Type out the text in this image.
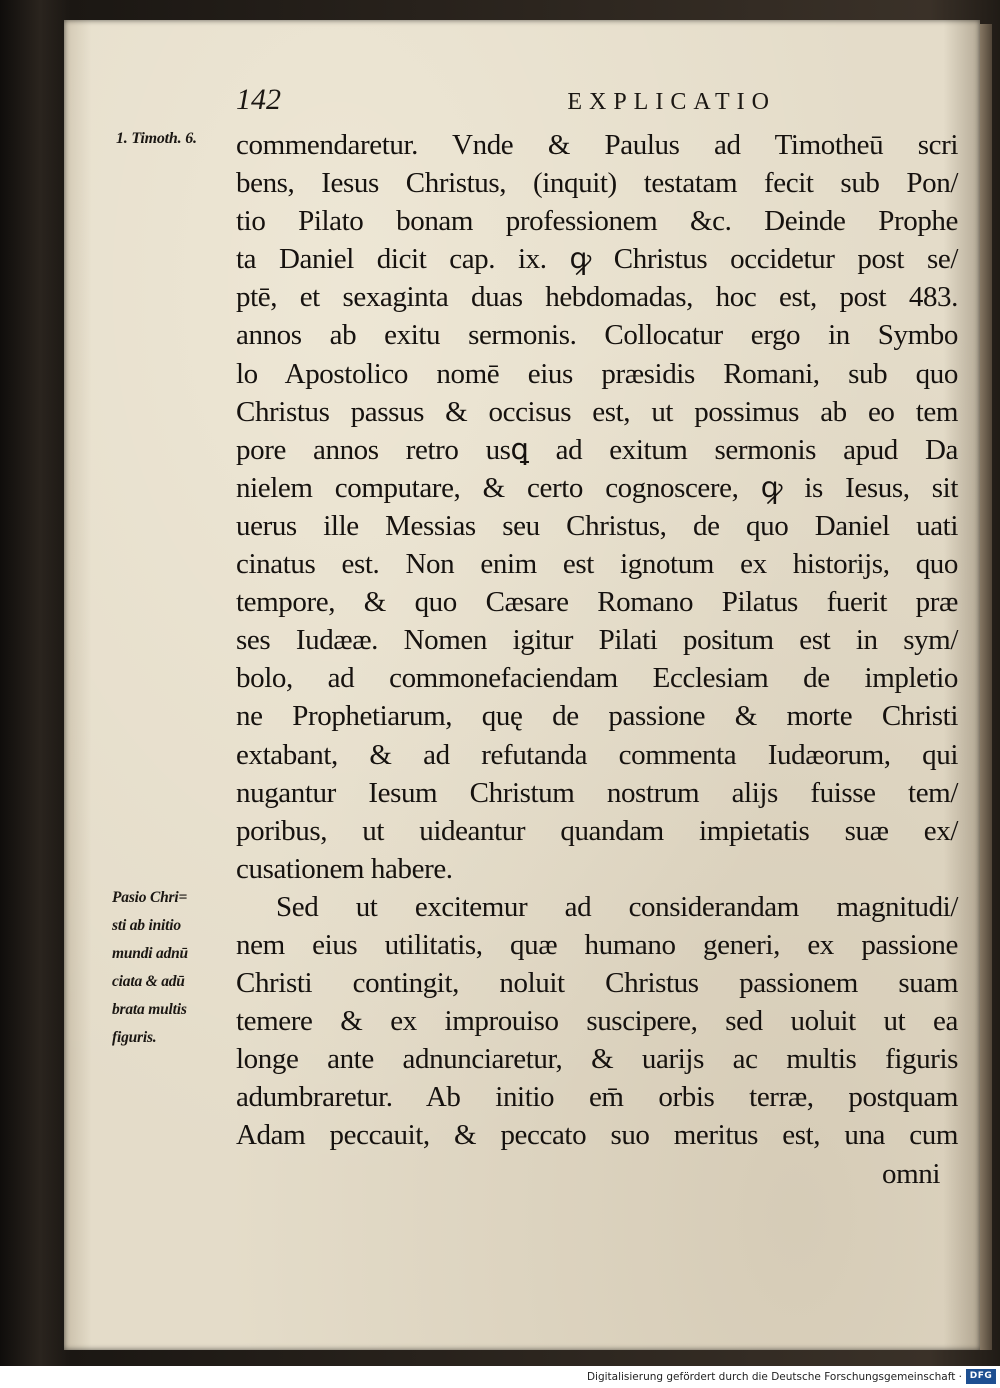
142	EXPLICATIO
1. Timoth. 6.
Pasio Chri=
sti ab initio
mundi adnū
ciata & adū
brata multis
figuris.
commendaretur. Vnde & Paulus ad Timotheū scri
bens, Iesus Christus, (inquit) testatam fecit sub Pon/
tio Pilato bonam professionem &c. Deinde Prophe
ta Daniel dicit cap. ix. ꝙ Christus occidetur post se/
ptē, et sexaginta duas hebdomadas, hoc est, post 483.
annos ab exitu sermonis. Collocatur ergo in Symbo
lo Apostolico nomē eius præsidis Romani, sub quo
Christus passus & occisus est, ut possimus ab eo tem
pore annos retro usꝗ ad exitum sermonis apud Da
nielem computare, & certo cognoscere, ꝙ is Iesus, sit
uerus ille Messias seu Christus, de quo Daniel uati
cinatus est. Non enim est ignotum ex historijs, quo
tempore, & quo Cæsare Romano Pilatus fuerit præ
ses Iudææ. Nomen igitur Pilati positum est in sym/
bolo, ad commonefaciendam Ecclesiam de impletio
ne Prophetiarum, quę de passione & morte Christi
extabant, & ad refutanda commenta Iudæorum, qui
nugantur Iesum Christum nostrum alijs fuisse tem/
poribus, ut uideantur quandam impietatis suæ ex/
cusationem habere.
Sed ut excitemur ad considerandam magnitudi/
nem eius utilitatis, quæ humano generi, ex passione
Christi contingit, noluit Christus passionem suam
temere & ex improuiso suscipere, sed uoluit ut ea
longe ante adnunciaretur, & uarijs ac multis figuris
adumbraretur. Ab initio em̄ orbis terræ, postquam
Adam peccauit, & peccato suo meritus est, una cum
omni
Digitalisierung gefördert durch die Deutsche Forschungsgemeinschaft · DFG
